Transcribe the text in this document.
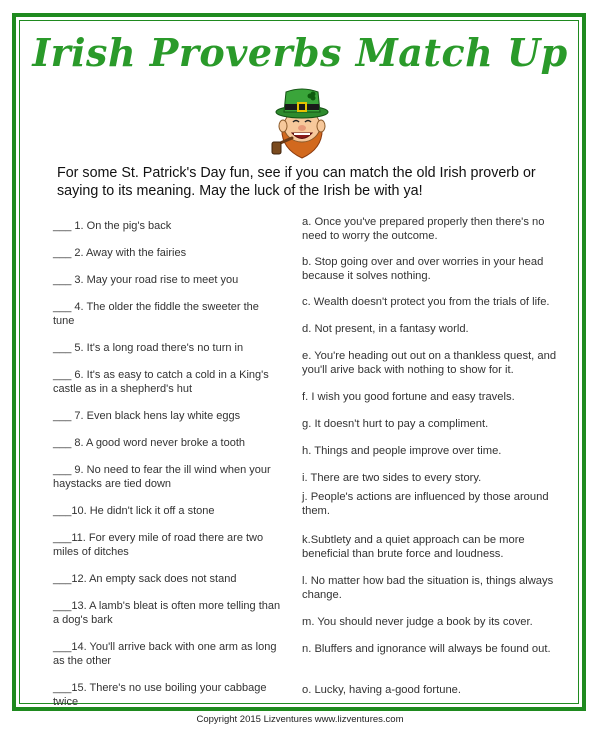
Irish Proverbs Match Up

For some St. Patrick's Day fun, see if you can match the old Irish proverb or saying to its meaning. May the luck of the Irish be with ya!

___ 1. On the pig's back
___ 2. Away with the fairies
___ 3. May your road rise to meet you
___ 4. The older the fiddle the sweeter the tune
___ 5. It's a long road there's no turn in
___ 6. It's as easy to catch a cold in a King's castle as in a shepherd's hut
___ 7. Even black hens lay white eggs
___ 8. A good word never broke a tooth
___ 9. No need to fear the ill wind when your haystacks are tied down
___10. He didn't lick it off a stone
___11. For every mile of road there are two miles of ditches
___12. An empty sack does not stand
___13. A lamb's bleat is often more telling than a dog's bark
___14. You'll arrive back with one arm as long as the other
___15. There's no use boiling your cabbage twice
a. Once you've prepared properly then there's no need to worry the outcome.
b. Stop going over and over worries in your head because it solves nothing.
c. Wealth doesn't protect you from the trials of life.
d. Not present, in a fantasy world.
e. You're heading out out on a thankless quest, and you'll arive back with nothing to show for it.
f. I wish you good fortune and easy travels.
g. It doesn't hurt to pay a compliment.
h. Things and people improve over time.
i. There are two sides to every story.
j. People's actions are influenced by those around them.
k.Subtlety and a quiet approach can be more beneficial than brute force and loudness.
l. No matter how bad the situation is, things always change.
m. You should never judge a book by its cover.
n. Bluffers and ignorance will always be found out.
o. Lucky, having a-good fortune.
Copyright 2015 Lizventures www.lizventures.com
